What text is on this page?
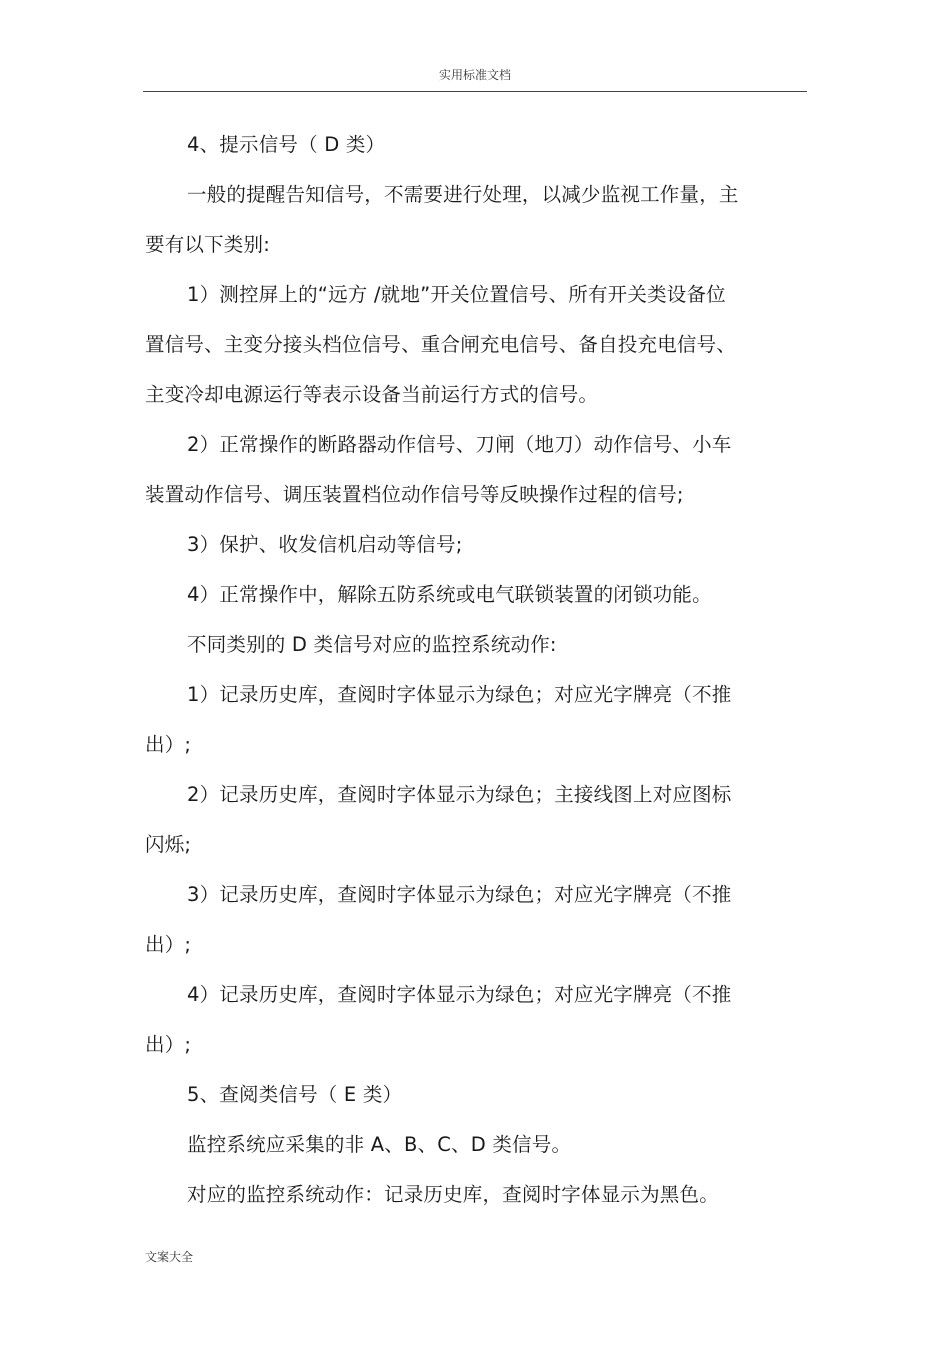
实用标准文档
4、提示信号（ D 类）
一般的提醒告知信号，不需要进行处理，以减少监视工作量，主
要有以下类别:
1）测控屏上的“远方 /就地”开关位置信号、所有开关类设备位
置信号、主变分接头档位信号、重合闸充电信号、备自投充电信号、
主变冷却电源运行等表示设备当前运行方式的信号。
2）正常操作的断路器动作信号、刀闸（地刀）动作信号、小车
装置动作信号、调压装置档位动作信号等反映操作过程的信号;
3）保护、收发信机启动等信号;
4）正常操作中，解除五防系统或电气联锁装置的闭锁功能。
不同类别的 D 类信号对应的监控系统动作:
1）记录历史库，查阅时字体显示为绿色；对应光字牌亮（不推
出）;
2）记录历史库，查阅时字体显示为绿色；主接线图上对应图标
闪烁;
3）记录历史库，查阅时字体显示为绿色；对应光字牌亮（不推
出）;
4）记录历史库，查阅时字体显示为绿色；对应光字牌亮（不推
出）;
5、查阅类信号（ E 类）
监控系统应采集的非 A、B、C、D 类信号。
对应的监控系统动作：记录历史库，查阅时字体显示为黑色。
文案大全
